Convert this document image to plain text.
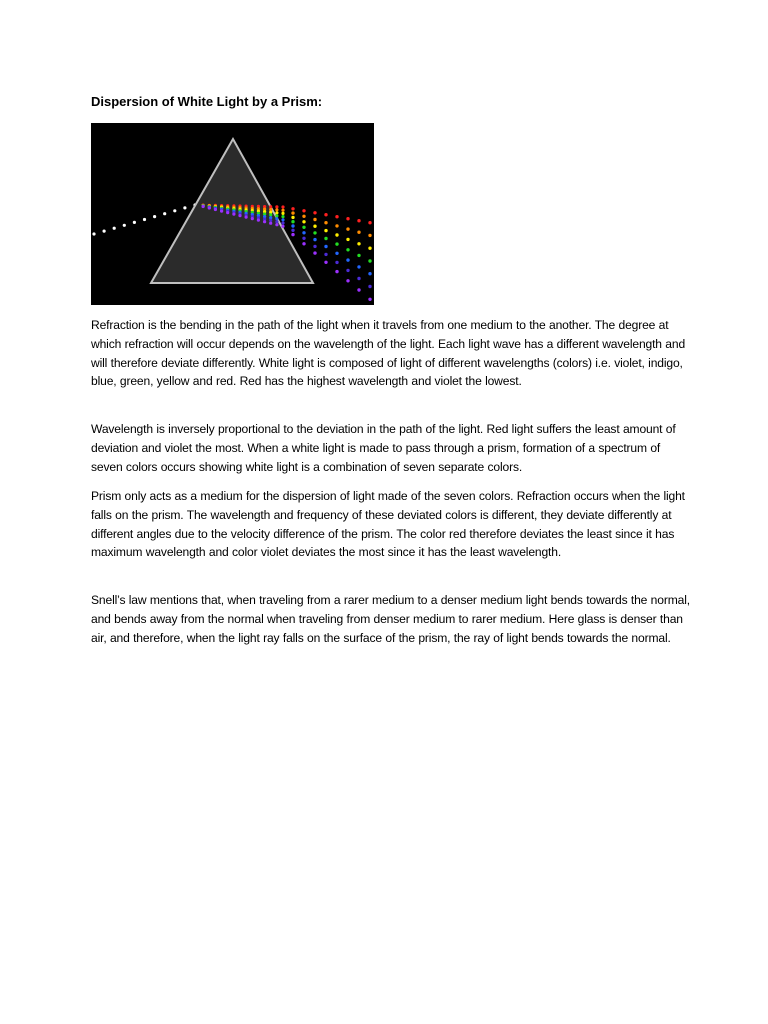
Dispersion of White Light by a Prism:

Refraction is the bending in the path of the light when it travels from one medium to the another. The degree at which refraction will occur depends on the wavelength of the light. Each light wave has a different wavelength and will therefore deviate differently. White light is composed of light of different wavelengths (colors) i.e. violet, indigo, blue, green, yellow and red. Red has the highest wavelength and violet the lowest.

Wavelength is inversely proportional to the deviation in the path of the light. Red light suffers the least amount of deviation and violet the most. When a white light is made to pass through a prism, formation of a spectrum of seven colors occurs showing white light is a combination of seven separate colors.

Prism only acts as a medium for the dispersion of light made of the seven colors. Refraction occurs when the light falls on the prism. The wavelength and frequency of these deviated colors is different, they deviate differently at different angles due to the velocity difference of the prism. The color red therefore deviates the least since it has maximum wavelength and color violet deviates the most since it has the least wavelength.

Snell’s law mentions that, when traveling from a rarer medium to a denser medium light bends towards the normal, and bends away from the normal when traveling from denser medium to rarer medium. Here glass is denser than air, and therefore, when the light ray falls on the surface of the prism, the ray of light bends towards the normal.
